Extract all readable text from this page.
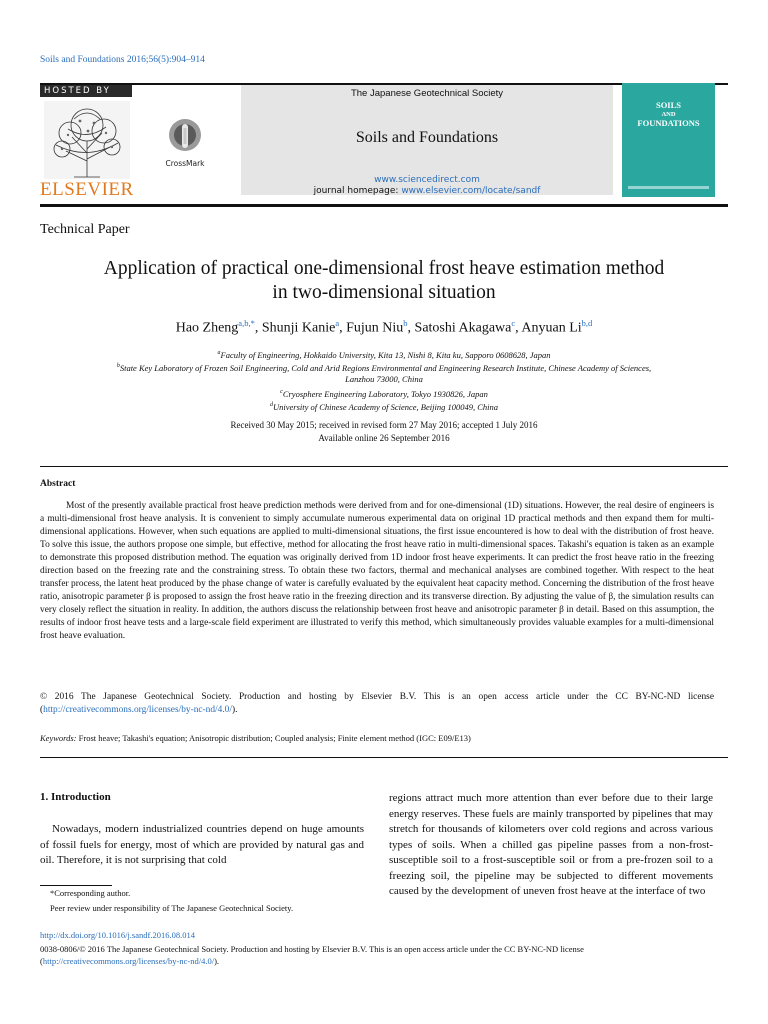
Soils and Foundations 2016;56(5):904–914
HOSTED BY
ELSEVIER
CrossMark
The Japanese Geotechnical Society
Soils and Foundations
www.sciencedirect.com
journal homepage: www.elsevier.com/locate/sandf
SOILS
AND
FOUNDATIONS
Technical Paper
Application of practical one-dimensional frost heave estimation method
in two-dimensional situation
Hao Zheng$^{a,b,*}$, Shunji Kanie$^a$, Fujun Niu$^b$, Satoshi Akagawa$^c$, Anyuan Li$^{b,d}$
$^a$Faculty of Engineering, Hokkaido University, Kita 13, Nishi 8, Kita ku, Sapporo 0608628, Japan
$^b$State Key Laboratory of Frozen Soil Engineering, Cold and Arid Regions Environmental and Engineering Research Institute, Chinese Academy of Sciences,
Lanzhou 73000, China
$^c$Cryosphere Engineering Laboratory, Tokyo 1930826, Japan
$^d$University of Chinese Academy of Science, Beijing 100049, China
Received 30 May 2015; received in revised form 27 May 2016; accepted 1 July 2016
Available online 26 September 2016
Abstract
Most of the presently available practical frost heave prediction methods were derived from and for one-dimensional (1D) situations. However, the real desire of engineers is a multi-dimensional frost heave analysis. It is convenient to simply accumulate numerous experimental data on original 1D practical methods and then expand them for multi-dimensional applications. However, when such equations are applied to multi-dimensional situations, the first issue encountered is how to deal with the distribution of frost heave. To solve this issue, the authors propose one simple, but effective, method for allocating the frost heave ratio in multi-dimensional spaces. Takashi's equation is taken as an example to demonstrate this proposed distribution method. The equation was originally derived from 1D indoor frost heave experiments. It can predict the frost heave ratio in the freezing direction based on the freezing rate and the constraining stress. To obtain these two factors, thermal and mechanical analyses are combined together. With respect to the heat transfer process, the latent heat produced by the phase change of water is carefully evaluated by the equivalent heat capacity method. Concerning the distribution of the frost heave ratio, anisotropic parameter β is proposed to assign the frost heave ratio in the freezing direction and its transverse direction. By adjusting the value of β, the simulation results can very closely reflect the situation in reality. In addition, the authors discuss the relationship between frost heave and anisotropic parameter β in detail. Based on this assumption, the results of indoor frost heave tests and a large-scale field experiment are illustrated to verify this method, which simultaneously provides valuable examples for a multi-dimensional frost heave evaluation.
© 2016 The Japanese Geotechnical Society. Production and hosting by Elsevier B.V. This is an open access article under the CC BY-NC-ND license (http://creativecommons.org/licenses/by-nc-nd/4.0/).
Keywords: Frost heave; Takashi's equation; Anisotropic distribution; Coupled analysis; Finite element method (IGC: E09/E13)
1. Introduction
Nowadays, modern industrialized countries depend on huge amounts of fossil fuels for energy, most of which are provided by natural gas and oil. Therefore, it is not surprising that cold
regions attract much more attention than ever before due to their large energy reserves. These fuels are mainly transported by pipelines that may stretch for thousands of kilometers over cold regions and across various types of soils. When a chilled gas pipeline passes from a non-frost-susceptible soil to a frost-susceptible soil or from a pre-frozen soil to a freezing soil, the pipeline may be subjected to different movements caused by the development of uneven frost heave at the interface of two
*Corresponding author.
Peer review under responsibility of The Japanese Geotechnical Society.
http://dx.doi.org/10.1016/j.sandf.2016.08.014
0038-0806/© 2016 The Japanese Geotechnical Society. Production and hosting by Elsevier B.V. This is an open access article under the CC BY-NC-ND license (http://creativecommons.org/licenses/by-nc-nd/4.0/).
